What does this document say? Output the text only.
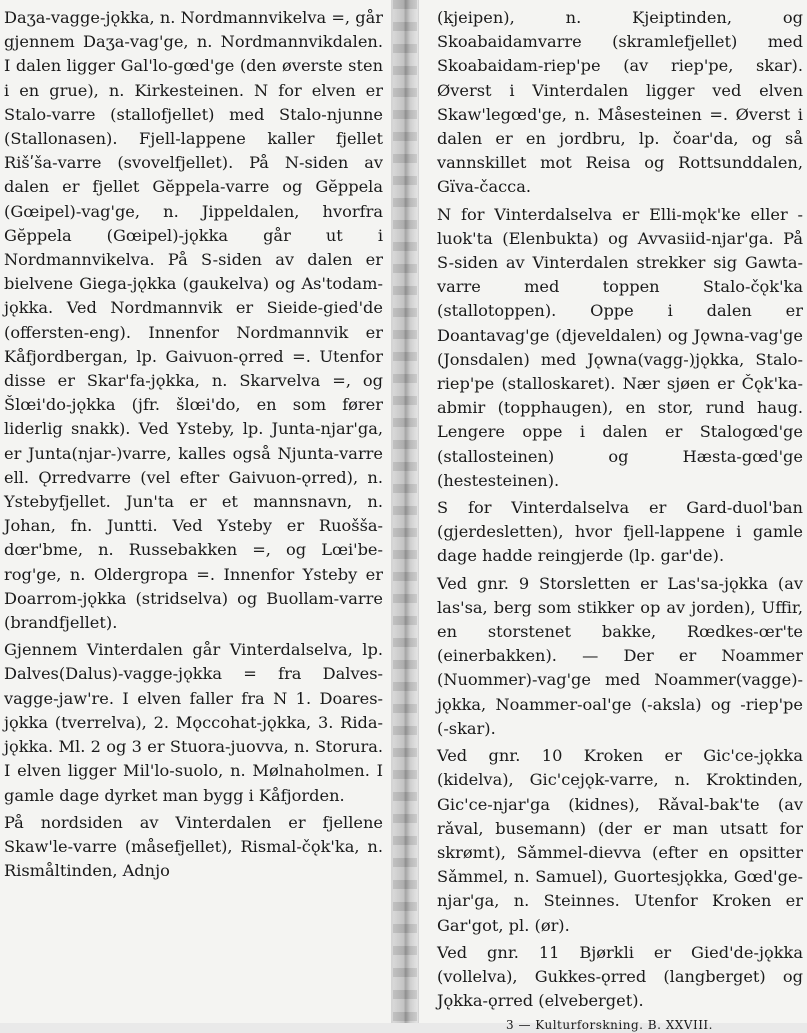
Daʒa-vagge-jǫkka, n. Nordmannvikelva =, går gjennem Daʒa-vag'ge, n. Nordmannvikdalen. I dalen ligger Gal'lo-gœd'ge (den øverste sten i en grue), n. Kirkesteinen. N for elven er Stalo-varre (stallofjellet) med Stalo-njunne (Stallonasen). Fjell-lappene kaller fjellet Rišʹša-varre (svovelfjellet). På N-siden av dalen er fjellet Gĕppela-varre og Gĕppela (Gœipel)-vag'ge, n. Jippeldalen, hvorfra Gĕppela (Gœipel)-jǫkka går ut i Nordmannvikelva. På S-siden av dalen er bielvene Giega-jǫkka (gaukelva) og As'todam-jǫkka. Ved Nordmannvik er Sieide-gied'de (offersten-eng). Innenfor Nordmannvik er Kåfjordbergan, lp. Gaivuon-ǫrred =. Utenfor disse er Skar'fa-jǫkka, n. Skarvelva =, og Šlœi'do-jǫkka (jfr. šlœi'do, en som fører liderlig snakk). Ved Ysteby, lp. Junta-njar'ga, er Junta(njar-)varre, kalles også Njunta-varre ell. Ǫrredvarre (vel efter Gaivuon-ǫrred), n. Ystebyfjellet. Jun'ta er et mannsnavn, n. Johan, fn. Juntti. Ved Ysteby er Ruošša-dœr'bme, n. Russebakken =, og Lœi'be-rog'ge, n. Oldergropa =. Innenfor Ysteby er Doarrom-jǫkka (stridselva) og Buollam-varre (brandfjellet).

Gjennem Vinterdalen går Vinterdalselva, lp. Dalves(Dalus)-vagge-jǫkka = fra Dalves-vagge-jaw're. I elven faller fra N 1. Doares-jǫkka (tverrelva), 2. Mǫccohat-jǫkka, 3. Rida-jǫkka. Ml. 2 og 3 er Stuora-juovva, n. Storura. I elven ligger Mil'lo-suolo, n. Mølnaholmen. I gamle dage dyrket man bygg i Kåfjorden.

På nordsiden av Vinterdalen er fjellene Skaw'le-varre (måsefjellet), Rismal-čǫk'ka, n. Rismåltinden, Adnjo

(kjeipen), n. Kjeiptinden, og Skoabaidamvarre (skramlefjellet) med Skoabaidam-riep'pe (av riep'pe, skar). Øverst i Vinterdalen ligger ved elven Skaw'legœd'ge, n. Måsesteinen =. Øverst i dalen er en jordbru, lp. čoar'da, og så vannskillet mot Reisa og Rottsunddalen, Gïva-čacca.

N for Vinterdalselva er Elli-mǫk'ke eller -luok'ta (Elenbukta) og Avvasiid-njar'ga. På S-siden av Vinterdalen strekker sig Gawta-varre med toppen Stalo-čǫk'ka (stallotoppen). Oppe i dalen er Doantavag'ge (djeveldalen) og Jǫwna-vag'ge (Jonsdalen) med Jǫwna(vagg-)jǫkka, Stalo-riep'pe (stalloskaret). Nær sjøen er Čǫk'ka-abmir (topphaugen), en stor, rund haug. Lengere oppe i dalen er Stalogœd'ge (stallosteinen) og Hæsta-gœd'ge (hestesteinen).

S for Vinterdalselva er Gard-duol'ban (gjerdesletten), hvor fjell-lappene i gamle dage hadde reingjerde (lp. gar'de).

Ved gnr. 9 Storsletten er Las'sa-jǫkka (av las'sa, berg som stikker op av jorden), Uffir, en storstenet bakke, Rœdkes-œr'te (einerbakken). — Der er Noammer (Nuommer)-vag'ge med Noammer(vagge)-jǫkka, Noammer-oal'ge (-aksla) og -riep'pe (-skar).

Ved gnr. 10 Kroken er Gic'ce-jǫkka (kidelva), Gic'cejǫk-varre, n. Kroktinden, Gic'ce-njar'ga (kidnes), Rǎval-bak'te (av rǎval, busemann) (der er man utsatt for skrømt), Sǎmmel-dievva (efter en opsitter Sǎmmel, n. Samuel), Guortesjǫkka, Gœd'ge-njar'ga, n. Steinnes. Utenfor Kroken er Gar'got, pl. (ør).

Ved gnr. 11 Bjørkli er Gied'de-jǫkka (vollelva), Gukkes-ǫrred (langberget) og Jǫkka-ǫrred (elveberget).

3 — Kulturforskning. B. XXVIII.
